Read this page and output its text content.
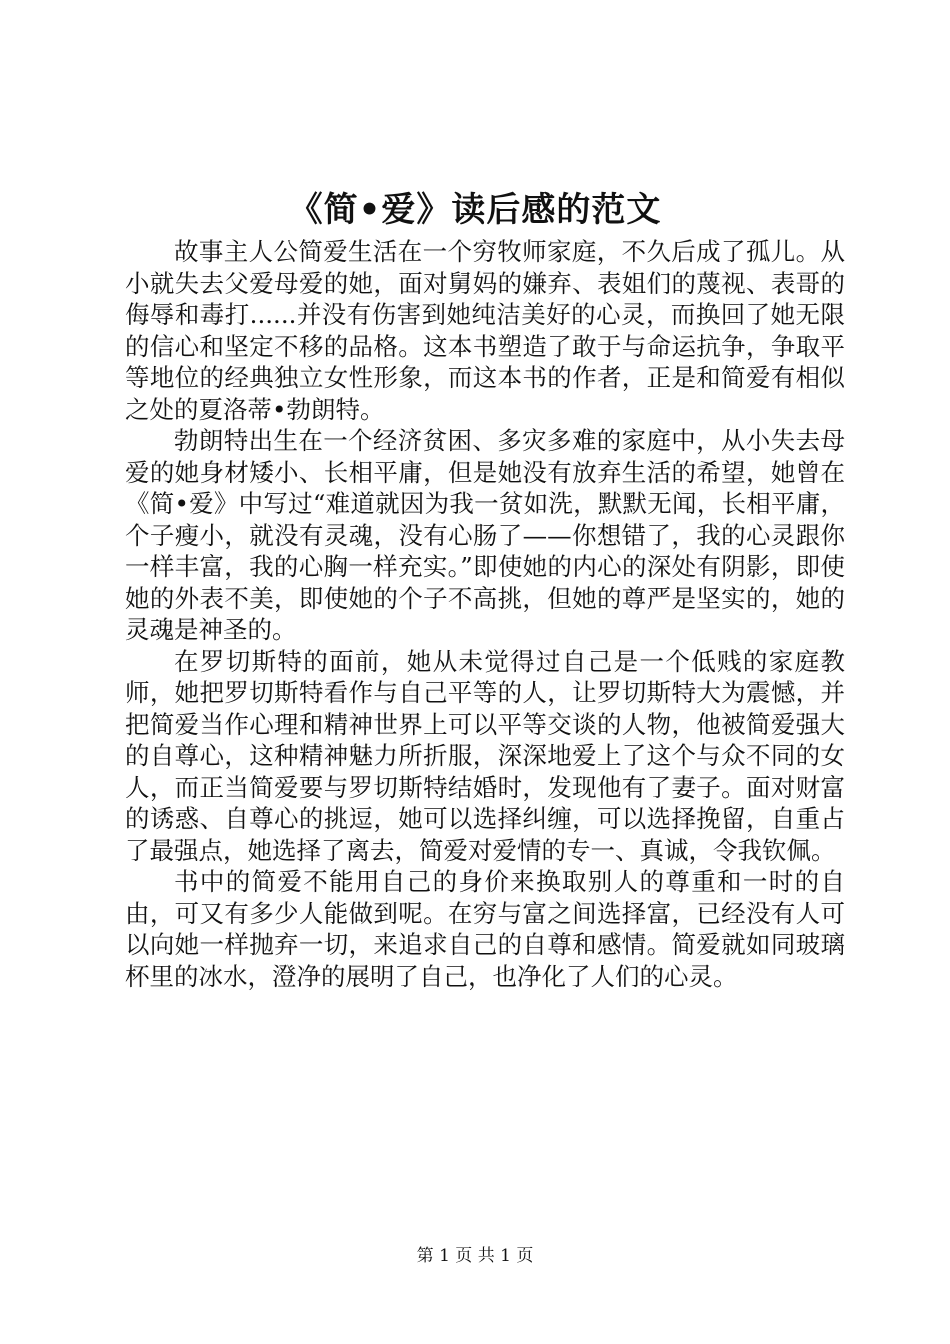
《简•爱》读后感的范文

故事主人公简爱生活在一个穷牧师家庭，不久后成了孤儿。从小就失去父爱母爱的她，面对舅妈的嫌弃、表姐们的蔑视、表哥的侮辱和毒打......并没有伤害到她纯洁美好的心灵，而换回了她无限的信心和坚定不移的品格。这本书塑造了敢于与命运抗争，争取平等地位的经典独立女性形象，而这本书的作者，正是和简爱有相似之处的夏洛蒂•勃朗特。

勃朗特出生在一个经济贫困、多灾多难的家庭中，从小失去母爱的她身材矮小、长相平庸，但是她没有放弃生活的希望，她曾在《简•爱》中写过“难道就因为我一贫如洗，默默无闻，长相平庸，个子瘦小，就没有灵魂，没有心肠了——你想错了，我的心灵跟你一样丰富，我的心胸一样充实。”即使她的内心的深处有阴影，即使她的外表不美，即使她的个子不高挑，但她的尊严是坚实的，她的灵魂是神圣的。

在罗切斯特的面前，她从未觉得过自己是一个低贱的家庭教师，她把罗切斯特看作与自己平等的人，让罗切斯特大为震憾，并把简爱当作心理和精神世界上可以平等交谈的人物，他被简爱强大的自尊心，这种精神魅力所折服，深深地爱上了这个与众不同的女人，而正当简爱要与罗切斯特结婚时，发现他有了妻子。面对财富的诱惑、自尊心的挑逗，她可以选择纠缠，可以选择挽留，自重占了最强点，她选择了离去，简爱对爱情的专一、真诚，令我钦佩。

书中的简爱不能用自己的身价来换取别人的尊重和一时的自由，可又有多少人能做到呢。在穷与富之间选择富，已经没有人可以向她一样抛弃一切，来追求自己的自尊和感情。简爱就如同玻璃杯里的冰水，澄净的展明了自己，也净化了人们的心灵。

第 1 页 共 1 页
